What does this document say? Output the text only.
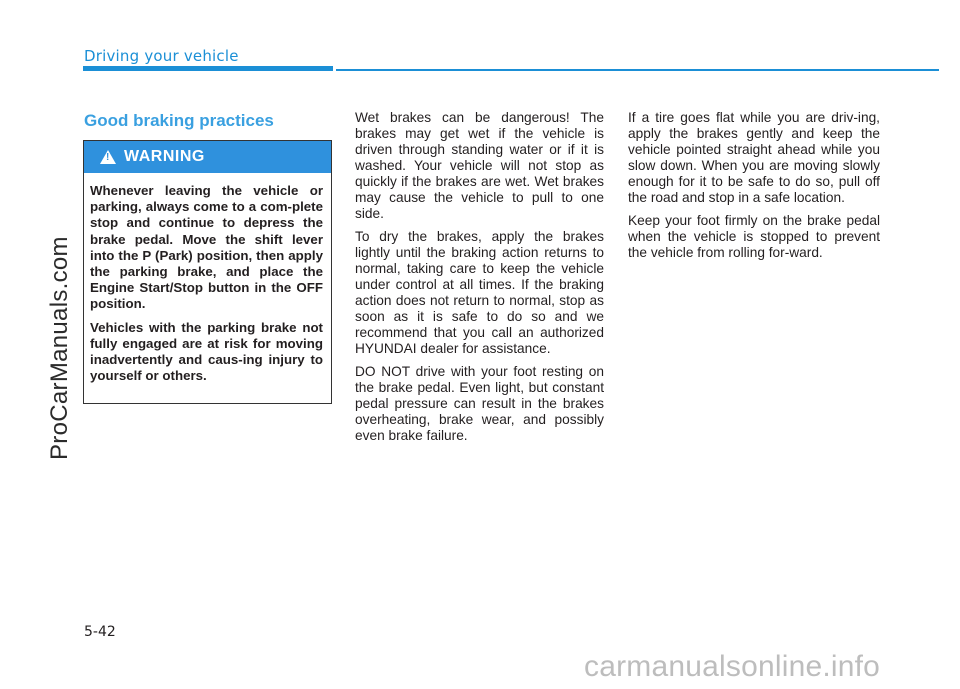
Driving your vehicle
ProCarManuals.com
Good braking practices
!
WARNING

Whenever leaving the vehicle or parking, always come to a com-plete stop and continue to depress the brake pedal. Move the shift lever into the P (Park) position, then apply the parking brake, and place the Engine Start/Stop button in the OFF position.

Vehicles with the parking brake not fully engaged are at risk for moving inadvertently and caus-ing injury to yourself or others.

Wet brakes can be dangerous! The brakes may get wet if the vehicle is driven through standing water or if it is washed. Your vehicle will not stop as quickly if the brakes are wet. Wet brakes may cause the vehicle to pull to one side.

To dry the brakes, apply the brakes lightly until the braking action returns to normal, taking care to keep the vehicle under control at all times. If the braking action does not return to normal, stop as soon as it is safe to do so and we recommend that you call an authorized HYUNDAI dealer for assistance.

DO NOT drive with your foot resting on the brake pedal. Even light, but constant pedal pressure can result in the brakes overheating, brake wear, and possibly even brake failure.

If a tire goes flat while you are driv-ing, apply the brakes gently and keep the vehicle pointed straight ahead while you slow down. When you are moving slowly enough for it to be safe to do so, pull off the road and stop in a safe location.

Keep your foot firmly on the brake pedal when the vehicle is stopped to prevent the vehicle from rolling for-ward.

5-42
carmanualsonline.info
